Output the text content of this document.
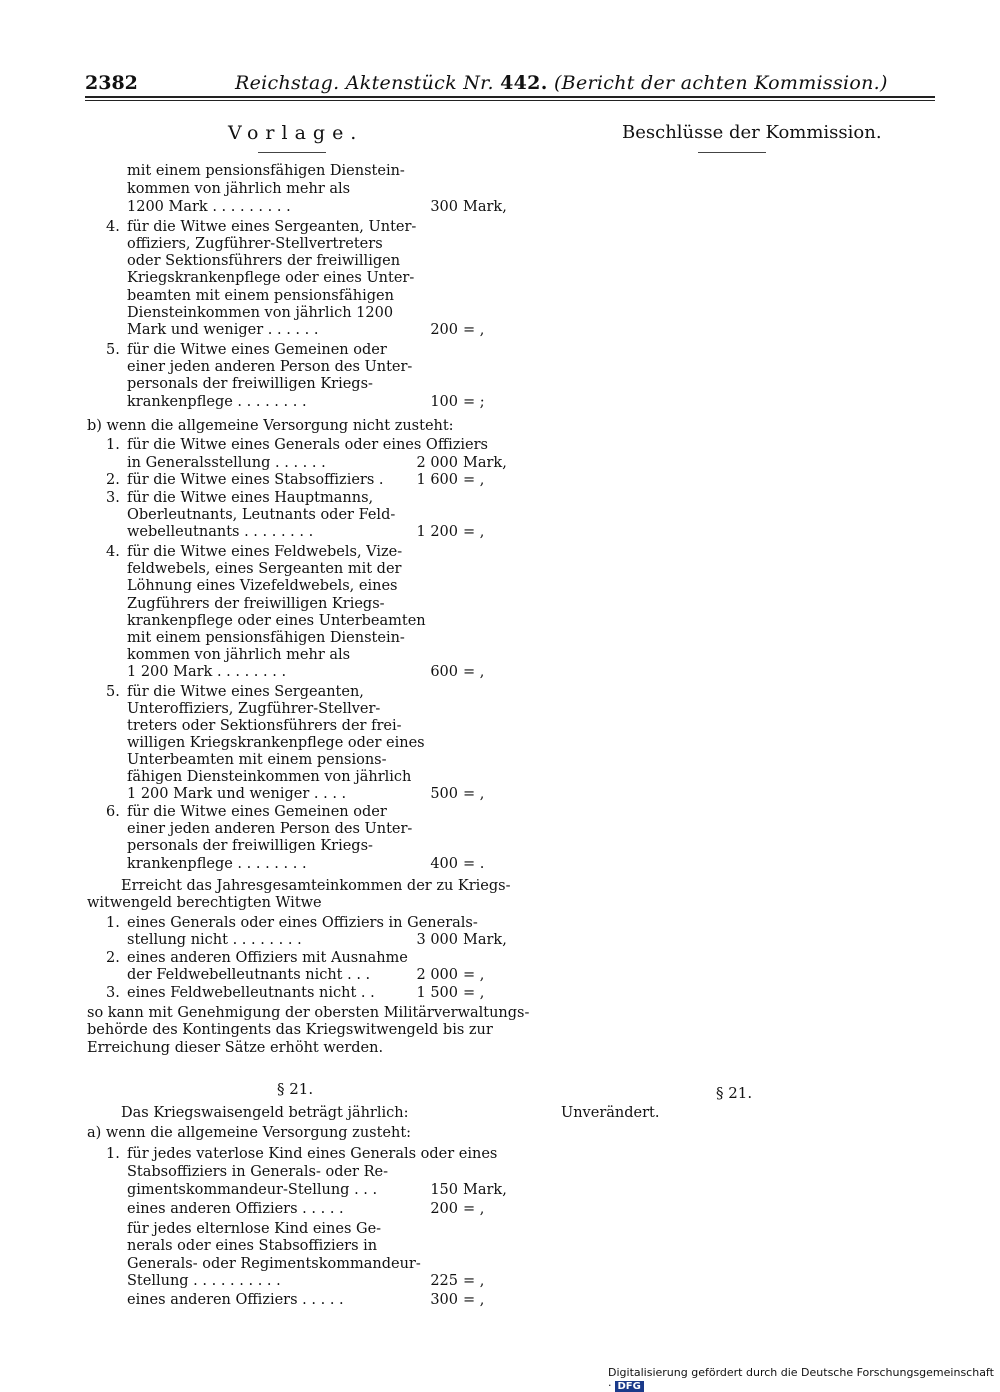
2382	Reichstag. Aktenstück Nr. 442. (Bericht der achten Kommission.)
Vorlage.	Beschlüsse der Kommission.
mit einem pensionsfähigen Dienstein-
kommen von jährlich mehr als
1200 Mark . . . . . . . . .	300 Mark,
4. für die Witwe eines Sergeanten, Unter-
offiziers, Zugführer-Stellvertreters
oder Sektionsführers der freiwilligen
Kriegskrankenpflege oder eines Unter-
beamten mit einem pensionsfähigen
Diensteinkommen von jährlich 1200
Mark und weniger . . . . . .	200 = ,
5. für die Witwe eines Gemeinen oder
einer jeden anderen Person des Unter-
personals der freiwilligen Kriegs-
krankenpflege . . . . . . . .	100 = ;
b) wenn die allgemeine Versorgung nicht zusteht:
1. für die Witwe eines Generals oder eines Offiziers
in Generalsstellung . . . . . .	2 000 Mark,
2. für die Witwe eines Stabsoffiziers .	1 600 = ,
3. für die Witwe eines Hauptmanns,
Oberleutnants, Leutnants oder Feld-
webelleutnants . . . . . . . .	1 200 = ,
4. für die Witwe eines Feldwebels, Vize-
feldwebels, eines Sergeanten mit der
Löhnung eines Vizefeldwebels, eines
Zugführers der freiwilligen Kriegs-
krankenpflege oder eines Unterbeamten
mit einem pensionsfähigen Dienstein-
kommen von jährlich mehr als
1 200 Mark . . . . . . . .	600 = ,
5. für die Witwe eines Sergeanten,
Unteroffiziers, Zugführer-Stellver-
treters oder Sektionsführers der frei-
willigen Kriegskrankenpflege oder eines
Unterbeamten mit einem pensions-
fähigen Diensteinkommen von jährlich
1 200 Mark und weniger . . . .	500 = ,
6. für die Witwe eines Gemeinen oder
einer jeden anderen Person des Unter-
personals der freiwilligen Kriegs-
krankenpflege . . . . . . . .	400 = .
Erreicht das Jahresgesamteinkommen der zu Kriegs-
witwengeld berechtigten Witwe
1. eines Generals oder eines Offiziers in Generals-
stellung nicht . . . . . . . .	3 000 Mark,
2. eines anderen Offiziers mit Ausnahme
der Feldwebelleutnants nicht . . .	2 000 = ,
3. eines Feldwebelleutnants nicht . .	1 500 = ,
so kann mit Genehmigung der obersten Militärverwaltungs-
behörde des Kontingents das Kriegswitwengeld bis zur
Erreichung dieser Sätze erhöht werden.
Das Kriegswaisengeld beträgt jährlich:
a) wenn die allgemeine Versorgung zusteht:
1. für jedes vaterlose Kind eines Generals oder eines
Stabsoffiziers in Generals- oder Re-
gimentskommandeur-Stellung . . .	150 Mark,
eines anderen Offiziers . . . . .	200 = ,
für jedes elternlose Kind eines Ge-
nerals oder eines Stabsoffiziers in
Generals- oder Regimentskommandeur-
Stellung . . . . . . . . . .	225 = ,
eines anderen Offiziers . . . . .	300 = ,
§ 21.	§ 21.
Unverändert.
Digitalisierung gefördert durch die Deutsche Forschungsgemeinschaft · DFG
